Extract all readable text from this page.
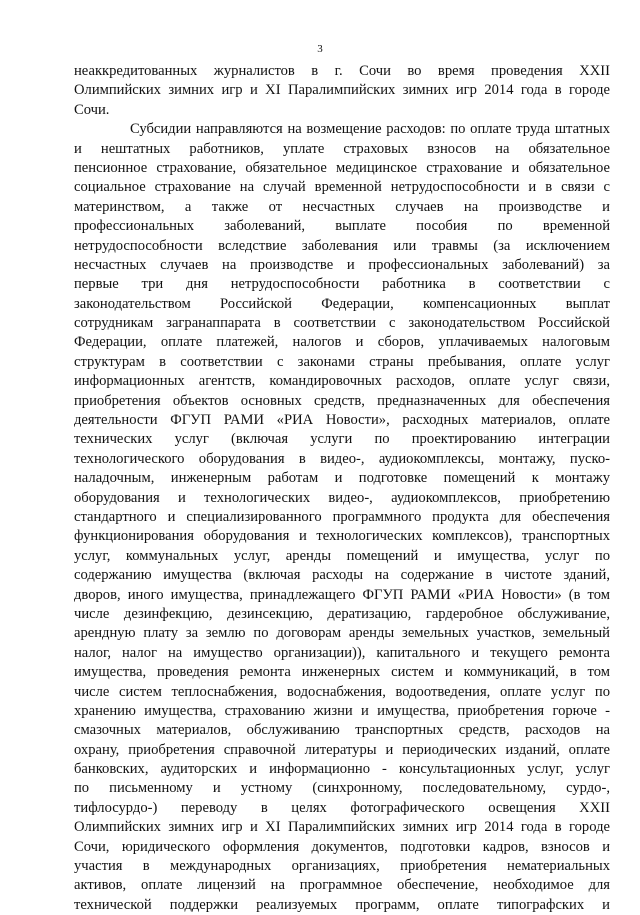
3
неаккредитованных журналистов в г. Сочи во время проведения XXII
Олимпийских зимних игр и XI Паралимпийских зимних игр 2014 года в городе
Сочи.
Субсидии направляются на возмещение расходов: по оплате труда штатных
и нештатных работников, уплате страховых взносов на обязательное
пенсионное страхование, обязательное медицинское страхование и обязательное
социальное страхование на случай временной нетрудоспособности и в связи с
материнством, а также от несчастных случаев на производстве и
профессиональных заболеваний, выплате пособия по временной
нетрудоспособности вследствие заболевания или травмы (за исключением
несчастных случаев на производстве и профессиональных заболеваний) за
первые три дня нетрудоспособности работника в соответствии с
законодательством Российской Федерации, компенсационных выплат
сотрудникам загранаппарата в соответствии с законодательством Российской
Федерации, оплате платежей, налогов и сборов, уплачиваемых налоговым
структурам в соответствии с законами страны пребывания, оплате услуг
информационных агентств, командировочных расходов, оплате услуг связи,
приобретения объектов основных средств, предназначенных для обеспечения
деятельности ФГУП РАМИ «РИА Новости», расходных материалов, оплате
технических услуг (включая услуги по проектированию интеграции
технологического оборудования в видео-, аудиокомплексы, монтажу, пуско-
наладочным, инженерным работам и подготовке помещений к монтажу
оборудования и технологических видео-, аудиокомплексов, приобретению
стандартного и специализированного программного продукта для обеспечения
функционирования оборудования и технологических комплексов), транспортных
услуг, коммунальных услуг, аренды помещений и имущества, услуг по
содержанию имущества (включая расходы на содержание в чистоте зданий,
дворов, иного имущества, принадлежащего ФГУП РАМИ «РИА Новости» (в том
числе дезинфекцию, дезинсекцию, дератизацию, гардеробное обслуживание,
арендную плату за землю по договорам аренды земельных участков, земельный
налог, налог на имущество организации)), капитального и текущего ремонта
имущества, проведения ремонта инженерных систем и коммуникаций, в том
числе систем теплоснабжения, водоснабжения, водоотведения, оплате услуг по
хранению имущества, страхованию жизни и имущества, приобретения горюче -
смазочных материалов, обслуживанию транспортных средств, расходов на
охрану, приобретения справочной литературы и периодических изданий, оплате
банковских, аудиторских и информационно - консультационных услуг, услуг
по письменному и устному (синхронному, последовательному, сурдо-,
тифлосурдо-) переводу в целях фотографического освещения XXII
Олимпийских зимних игр и XI Паралимпийских зимних игр 2014 года в городе
Сочи, юридического оформления документов, подготовки кадров, взносов и
участия в международных организациях, приобретения нематериальных
активов, оплате лицензий на программное обеспечение, необходимое для
технической поддержки реализуемых программ, оплате типографских и
